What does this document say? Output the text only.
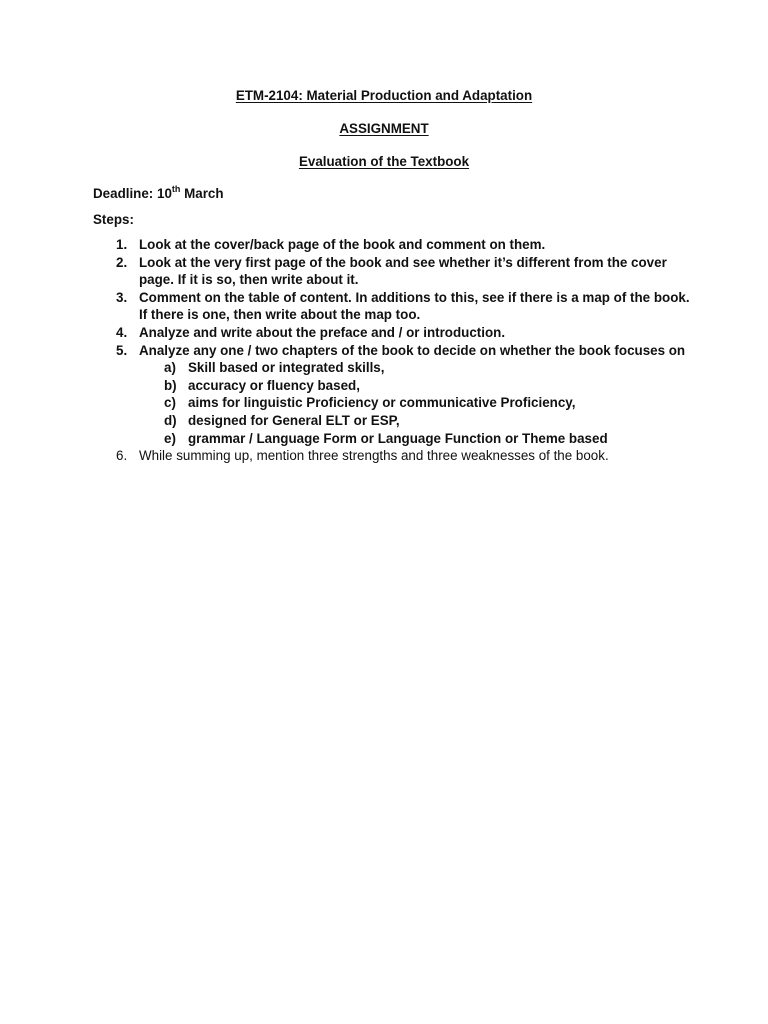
ETM-2104: Material Production and Adaptation
ASSIGNMENT
Evaluation of the Textbook
Deadline: 10th March
Steps:
1. Look at the cover/back page of the book and comment on them.
2. Look at the very first page of the book and see whether it’s different from the cover page. If it is so, then write about it.
3. Comment on the table of content. In additions to this, see if there is a map of the book. If there is one, then write about the map too.
4. Analyze and write about the preface and / or introduction.
5. Analyze any one / two chapters of the book to decide on whether the book focuses on
a) Skill based or integrated skills,
b) accuracy or fluency based,
c) aims for linguistic Proficiency or communicative Proficiency,
d) designed for General ELT or ESP,
e) grammar / Language Form or Language Function or Theme based
6. While summing up, mention three strengths and three weaknesses of the book.
